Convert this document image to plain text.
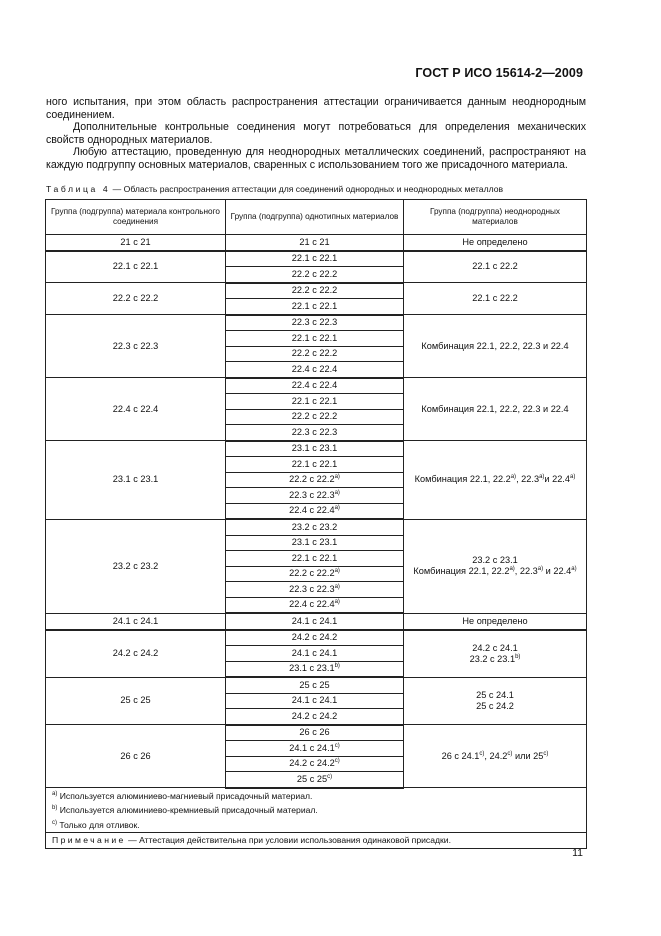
ГОСТ Р ИСО 15614-2—2009

ного испытания, при этом область распространения аттестации ограничивается данным неоднородным соединением.

Дополнительные контрольные соединения могут потребоваться для определения механических свойств однородных материалов.

Любую аттестацию, проведенную для неоднородных металлических соединений, распространяют на каждую подгруппу основных материалов, сваренных с использованием того же присадочного материала.

Таблица 4 — Область распространения аттестации для соединений однородных и неоднородных металлов
Группа (подгруппа) материала контрольного соединения	Группа (подгруппа) однотипных материалов	Группа (подгруппа) неоднородных материалов
21 с 21	21 с 21	Не определено

22.1 с 22.1	22.1 с 22.1	22.1 с 22.2

	22.2 с 22.2	
22.2 с 22.2	22.2 с 22.2	22.1 с 22.2

	22.1 с 22.1	
22.3 с 22.3	22.3 с 22.3	Комбинация 22.1, 22.2, 22.3 и 22.4

	22.1 с 22.1	
	22.2 с 22.2	
	22.4 с 22.4	
22.4 с 22.4	22.4 с 22.4	Комбинация 22.1, 22.2, 22.3 и 22.4

	22.1 с 22.1	
	22.2 с 22.2	
	22.3 с 22.3	
23.1 с 23.1	23.1 с 23.1	Комбинация 22.1, 22.2$^{a)}$, 22.3$^{a)}$и 22.4$^{a)}$

	22.1 с 22.1	
	22.2 с 22.2$^{a)}$
	22.3 с 22.3$^{a)}$
	22.4 с 22.4$^{a)}$
23.2 с 23.2	23.2 с 23.2	23.2 с 23.1
Комбинация 22.1, 22.2$^{a)}$, 22.3$^{a)}$ и 22.4$^{a)}$

	23.1 с 23.1	
	22.1 с 22.1	
	22.2 с 22.2$^{a)}$
	22.3 с 22.3$^{a)}$
	22.4 с 22.4$^{a)}$
24.1 с 24.1	24.1 с 24.1	Не определено

24.2 с 24.2	24.2 с 24.2	24.2 с 24.1
23.2 с 23.1$^{b)}$

	24.1 с 24.1	
	23.1 с 23.1$^{b)}$
25 с 25	25 с 25	25 с 24.1
25 с 24.2

	24.1 с 24.1	
	24.2 с 24.2	
26 с 26	26 с 26	26 с 24.1$^{c)}$, 24.2$^{c)}$ или 25$^{c)}$

	24.1 с 24.1$^{c)}$
	24.2 с 24.2$^{c)}$
	25 с 25$^{c)}$

$^{a)}$ Используется алюминиево-магниевый присадочный материал.
$^{b)}$ Используется алюминиево-кремниевый присадочный материал.
$^{c)}$ Только для отливок.
Примечание — Аттестация действительна при условии использования одинаковой присадки.		
11
